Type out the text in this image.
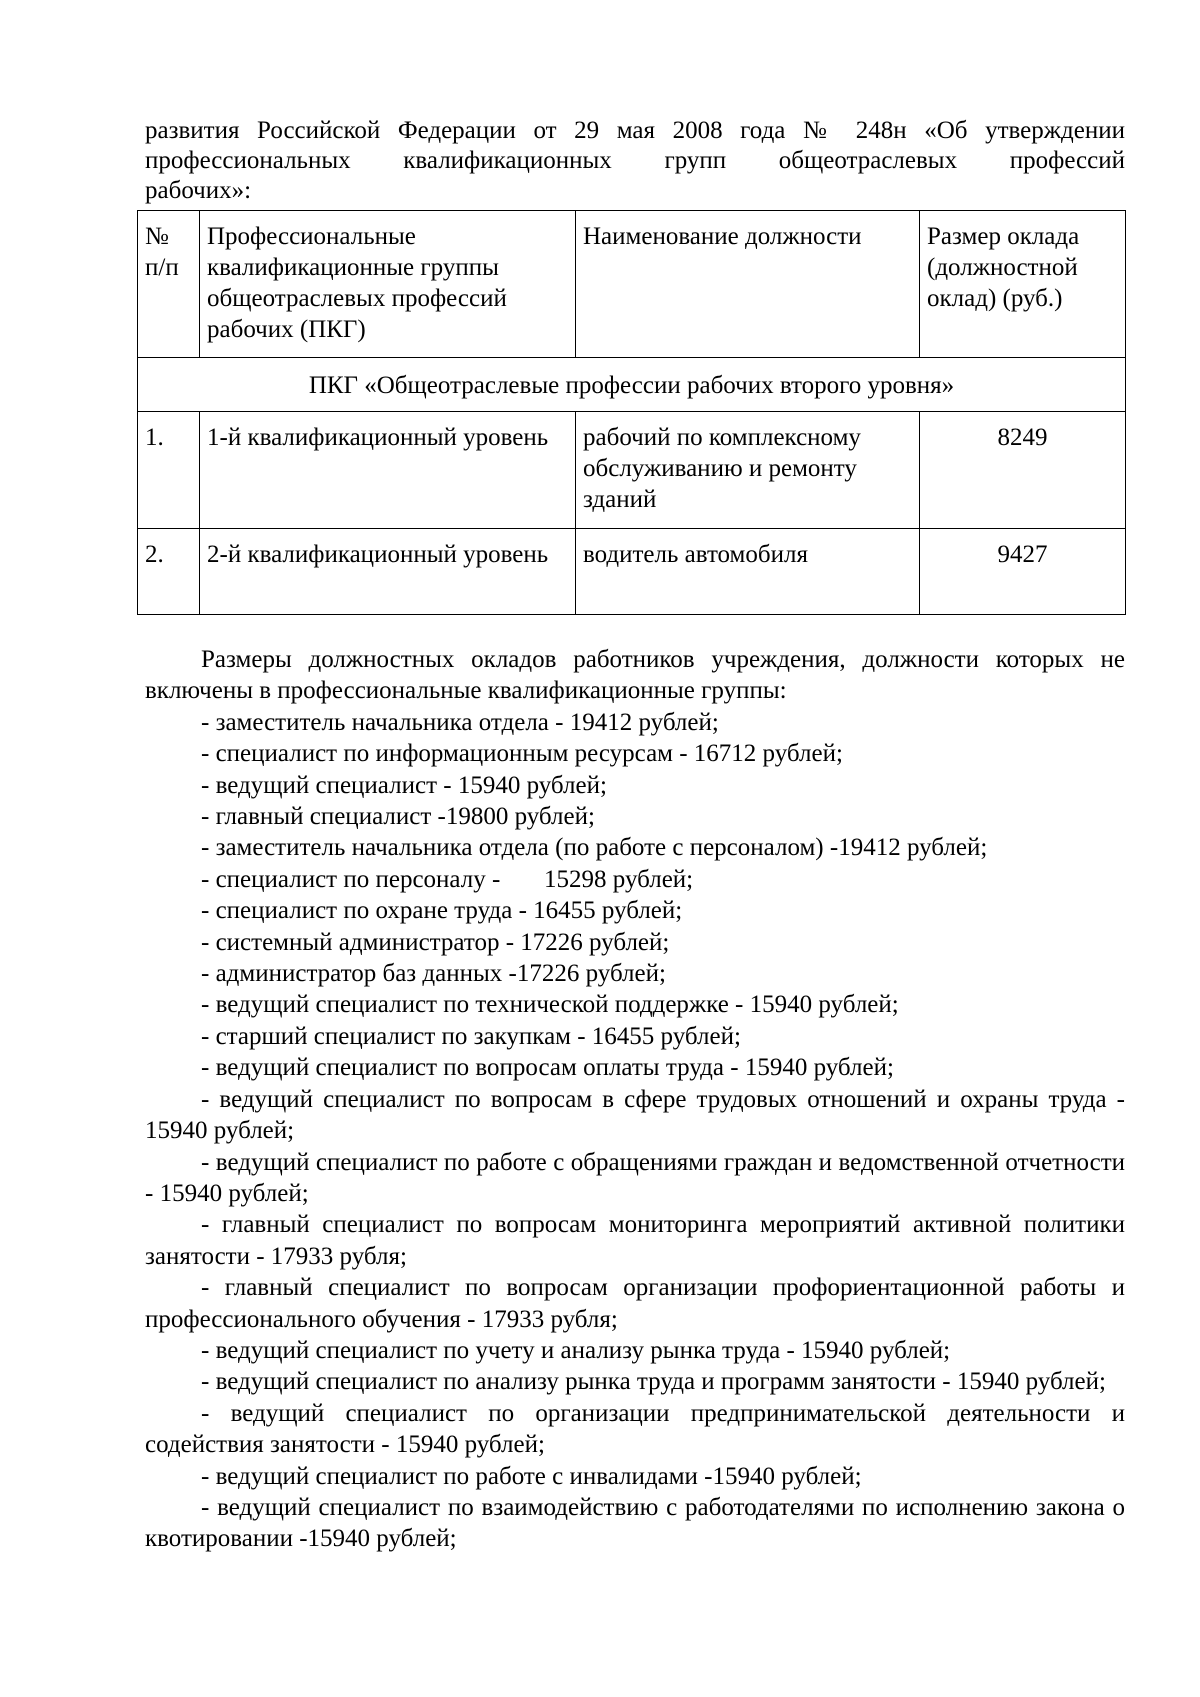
развития Российской Федерации от 29 мая 2008 года № 248н «Об утверждении
профессиональных квалификационных групп общеотраслевых профессий
рабочих»:
№ п/п	Профессиональные квалификационные группы общеотраслевых профессий рабочих (ПКГ)	Наименование должности	Размер оклада (должностной оклад) (руб.)
ПКГ «Общеотраслевые профессии рабочих второго уровня»			
1.	1-й квалификационный уровень	рабочий по комплексному обслуживанию и ремонту зданий	8249
2.	2-й квалификационный уровень	водитель автомобиля	9427

Размеры должностных окладов работников учреждения, должности которых не включены в профессиональные квалификационные группы:

- заместитель начальника отдела - 19412 рублей;

- специалист по информационным ресурсам - 16712 рублей;

- ведущий специалист - 15940 рублей;

- главный специалист -19800 рублей;

- заместитель начальника отдела (по работе с персоналом) -19412 рублей;

- специалист по персоналу -       15298 рублей;

- специалист по охране труда - 16455 рублей;

- системный администратор - 17226 рублей;

- администратор баз данных -17226 рублей;

- ведущий специалист по технической поддержке - 15940 рублей;

- старший специалист по закупкам - 16455 рублей;

- ведущий специалист по вопросам оплаты труда - 15940 рублей;

- ведущий специалист по вопросам в сфере трудовых отношений и охраны труда - 15940 рублей;

- ведущий специалист по работе с обращениями граждан и ведомственной отчетности - 15940 рублей;

- главный специалист по вопросам мониторинга мероприятий активной политики занятости - 17933 рубля;

- главный специалист по вопросам организации профориентационной работы и профессионального обучения - 17933 рубля;

- ведущий специалист по учету и анализу рынка труда - 15940 рублей;

- ведущий специалист по анализу рынка труда и программ занятости - 15940 рублей;

- ведущий специалист по организации предпринимательской деятельности и содействия занятости - 15940 рублей;

- ведущий специалист по работе с инвалидами -15940 рублей;

- ведущий специалист по взаимодействию с работодателями по исполнению закона о квотировании -15940 рублей;
